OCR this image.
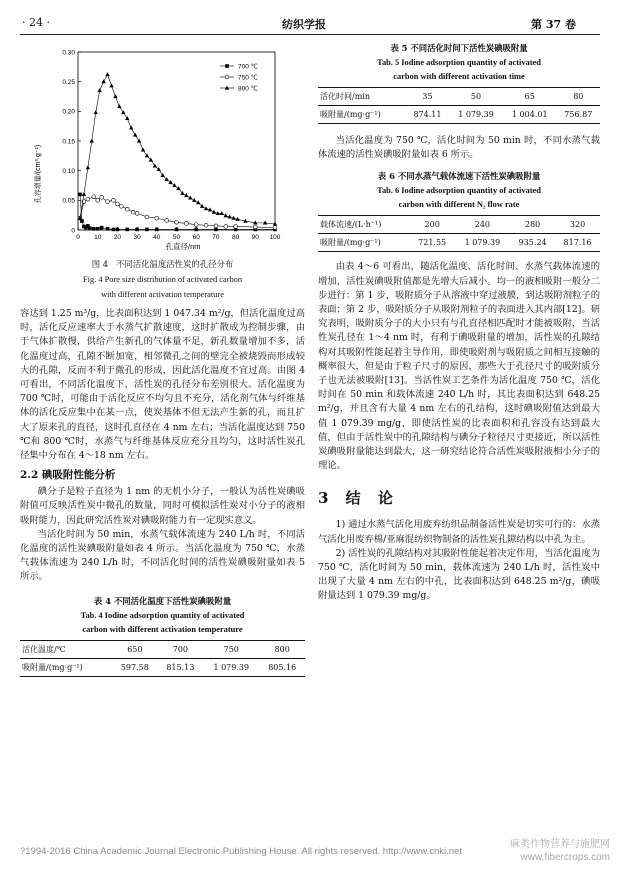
· 24 ·	纺织学报	第 37 卷
0 10 20 30 40 50 60 70 80 90 100
0
0.05
0.10
0.15
0.20
0.25
0.30
700 ℃
750 ℃
800 ℃
孔容增量/(cm³·g⁻¹)
孔直径/nm
图 4 不同活化温度活性炭的孔径分布
Fig. 4 Pore size distribution of activated carbon
with different activation temperature

容达到 1.25 m³/g，比表面积达到 1 047.34 m²/g，但活化温度过高时，活化反应速率大于水蒸气扩散速度，这时扩散成为控制步骤，由于气体扩散慢，供给产生新孔的气体量不足，新孔数量增加不多，活化温度过高，孔隙不断加宽，相邻微孔之间的壁完全被烧毁而形成较大的孔隙，反而不利于微孔的形成，因此活化温度不宜过高。由图 4 可看出，不同活化温度下，活性炭的孔径分布差别很大。活化温度为 700 ℃时，可能由于活化反应不均匀且不充分，活化剂气体与纤维基体的活化反应集中在某一点，使炭基体不但无法产生新的孔，而且扩大了原来孔的直径，这时孔直径在 4 nm 左右；当活化温度达到 750 ℃和 800 ℃时，水蒸气与纤维基体反应充分且均匀，这时活性炭孔径集中分布在 4～18 nm 左右。

2.2 碘吸附性能分析

碘分子是粒子直径为 1 nm 的无机小分子，一般认为活性炭碘吸附值可反映活性炭中微孔的数量，同时可模拟活性炭对小分子的液相吸附能力，因此研究活性炭对碘吸附能力有一定现实意义。

当活化时间为 50 min，水蒸气载体流速为 240 L/h 时，不同活化温度的活性炭碘吸附量如表 4 所示。当活化温度为 750 ℃，水蒸气载体流速为 240 L/h 时，不同活化时间的活性炭碘吸附量如表 5 所示。

表 4 不同活化温度下活性炭碘吸附量
Tab. 4 Iodine adsorption quantity of activated
carbon with different activation temperature
活化温度/℃	650	700	750	800
吸附量/(mg·g⁻¹)	597.58	815.13	1 079.39	805.16
表 5 不同活化时间下活性炭碘吸附量
Tab. 5 Iodine adsorption quantity of activated
carbon with different activation time
活化时间/min	35	50	65	80
吸附量/(mg·g⁻¹)	874.11	1 079.39	1 004.01	756.87

当活化温度为 750 ℃，活化时间为 50 min 时，不同水蒸气载体流速的活性炭碘吸附量如表 6 所示。

表 6 不同水蒸气载体流速下活性炭碘吸附量
Tab. 6 Iodine adsorption quantity of activated
carbon with different N₂ flow rate
载体流速/(L·h⁻¹)	200	240	280	320
吸附量/(mg·g⁻¹)	721.55	1 079.39	935.24	817.16

由表 4～6 可看出，随活化温度、活化时间、水蒸气载体流速的增加，活性炭碘吸附值都是先增大后减小。均一的液相吸附一般分二步进行：第 1 步，吸附质分子从溶液中穿过液膜，到达吸附剂粒子的表面；第 2 步，吸附质分子从吸附剂粒子的表面进入其内部[12]。研究表明，吸附质分子的大小只有与孔直径相匹配时才能被吸附，当活性炭孔径在 1～4 nm 时，有利于碘吸附量的增加，活性炭的孔隙结构对其吸附性能起着主导作用，即使吸附剂与吸附质之间相互接触的概率很大，但是由于粒子尺寸的原因，那些大于孔径尺寸的吸附质分子也无法被吸附[13]。当活性炭工艺条件为活化温度 750 ℃，活化时间在 50 min 和载体流速 240 L/h 时，其比表面积达到 648.25 m²/g，并且含有大量 4 nm 左右的孔结构，这时碘吸附值达到最大值 1 079.39 mg/g，即使活性炭的比表面积和孔容没有达到最大值，但由于活性炭中的孔隙结构与碘分子粒径尺寸更接近，所以活性炭碘吸附量能达到最大，这一研究结论符合活性炭吸附液相小分子的理论。

3 结 论

1) 通过水蒸气活化用废弃纺织品制备活性炭是切实可行的：水蒸气活化用废弃棉/亚麻混纺织物制备的活性炭孔隙结构以中孔为主。

2) 活性炭的孔隙结构对其吸附性能起着决定作用，当活化温度为 750 ℃，活化时间为 50 min，载体流速为 240 L/h 时，活性炭中出现了大量 4 nm 左右的中孔，比表面积达到 648.25 m²/g，碘吸附量达到 1 079.39 mg/g。

?1994-2016 China Academic Journal Electronic Publishing House. All rights reserved. http://www.cnki.net
麻类作物营养与施肥网
www.fibercrops.com
